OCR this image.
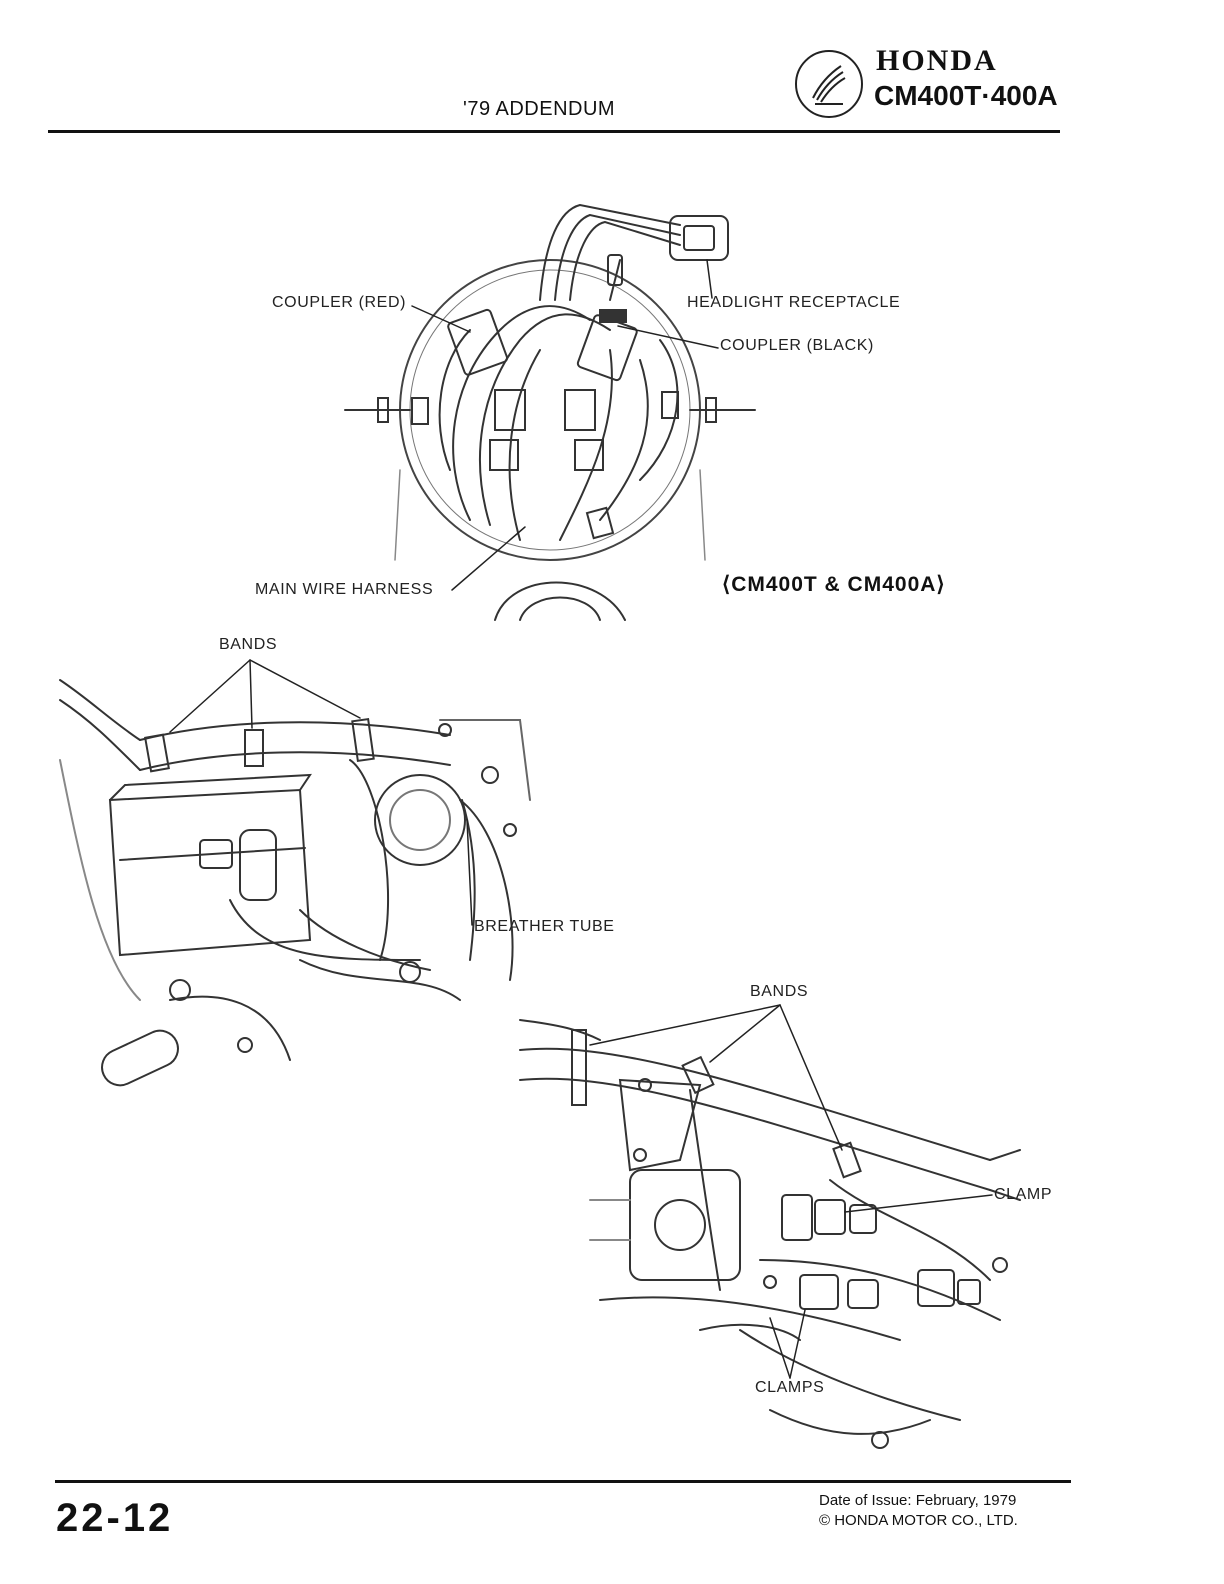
'79 ADDENDUM
HONDA
CM400T·400A
COUPLER (RED)	HEADLIGHT RECEPTACLE
COUPLER (BLACK)
MAIN WIRE HARNESS	⟨CM400T & CM400A⟩
BANDS
BREATHER TUBE
BANDS
CLAMP
CLAMPS
22-12	Date of Issue: February, 1979
© HONDA MOTOR CO., LTD.
